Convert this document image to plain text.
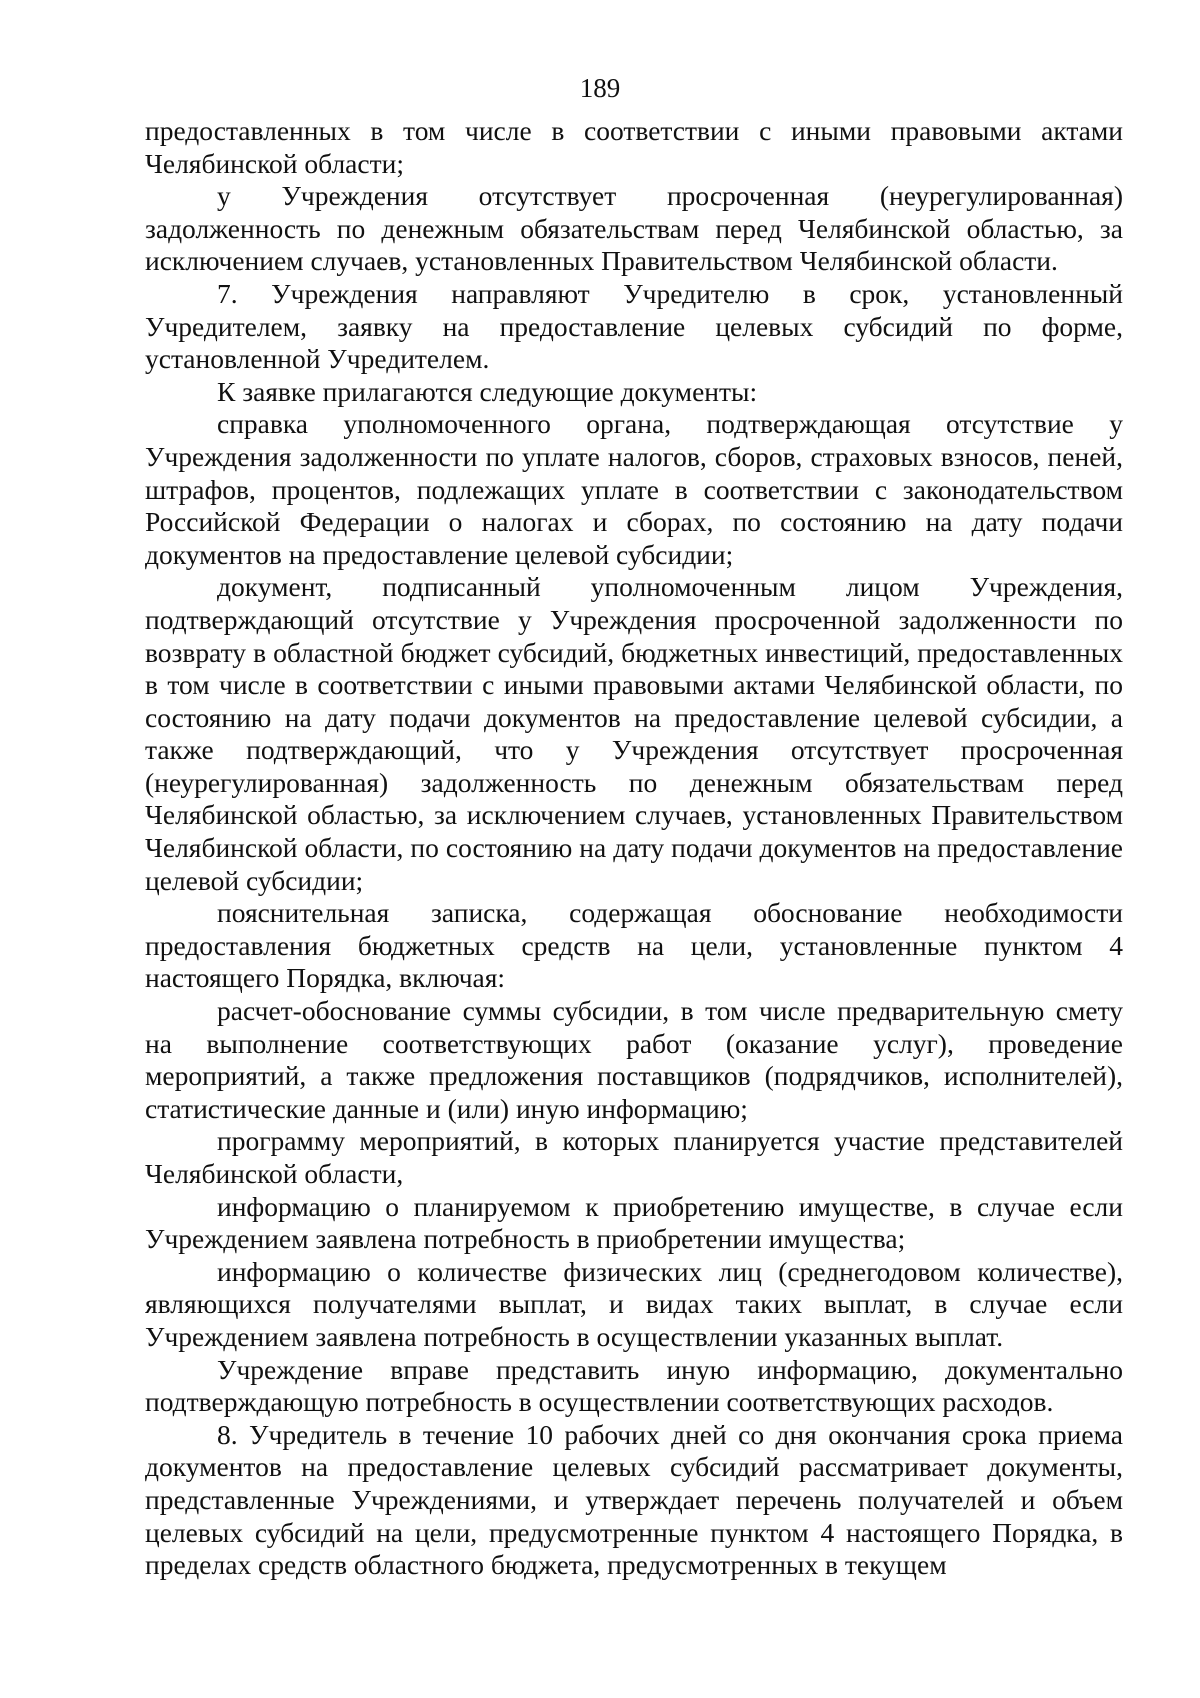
189

предоставленных в том числе в соответствии с иными правовыми актами Челябинской области;

у Учреждения отсутствует просроченная (неурегулированная) задолженность по денежным обязательствам перед Челябинской областью, за исключением случаев, установленных Правительством Челябинской области.

7. Учреждения направляют Учредителю в срок, установленный Учредителем, заявку на предоставление целевых субсидий по форме, установленной Учредителем.

К заявке прилагаются следующие документы:

справка уполномоченного органа, подтверждающая отсутствие у Учреждения задолженности по уплате налогов, сборов, страховых взносов, пеней, штрафов, процентов, подлежащих уплате в соответствии с законодательством Российской Федерации о налогах и сборах, по состоянию на дату подачи документов на предоставление целевой субсидии;

документ, подписанный уполномоченным лицом Учреждения, подтверждающий отсутствие у Учреждения просроченной задолженности по возврату в областной бюджет субсидий, бюджетных инвестиций, предоставленных в том числе в соответствии с иными правовыми актами Челябинской области, по состоянию на дату подачи документов на предоставление целевой субсидии, а также подтверждающий, что у Учреждения отсутствует просроченная (неурегулированная) задолженность по денежным обязательствам перед Челябинской областью, за исключением случаев, установленных Правительством Челябинской области, по состоянию на дату подачи документов на предоставление целевой субсидии;

пояснительная записка, содержащая обоснование необходимости предоставления бюджетных средств на цели, установленные пунктом 4 настоящего Порядка, включая:

расчет-обоснование суммы субсидии, в том числе предварительную смету на выполнение соответствующих работ (оказание услуг), проведение мероприятий, а также предложения поставщиков (подрядчиков, исполнителей), статистические данные и (или) иную информацию;

программу мероприятий, в которых планируется участие представителей Челябинской области,

информацию о планируемом к приобретению имуществе, в случае если Учреждением заявлена потребность в приобретении имущества;

информацию о количестве физических лиц (среднегодовом количестве), являющихся получателями выплат, и видах таких выплат, в случае если Учреждением заявлена потребность в осуществлении указанных выплат.

Учреждение вправе представить иную информацию, документально подтверждающую потребность в осуществлении соответствующих расходов.

8. Учредитель в течение 10 рабочих дней со дня окончания срока приема документов на предоставление целевых субсидий рассматривает документы, представленные Учреждениями, и утверждает перечень получателей и объем целевых субсидий на цели, предусмотренные пунктом 4 настоящего Порядка, в пределах средств областного бюджета, предусмотренных в текущем
